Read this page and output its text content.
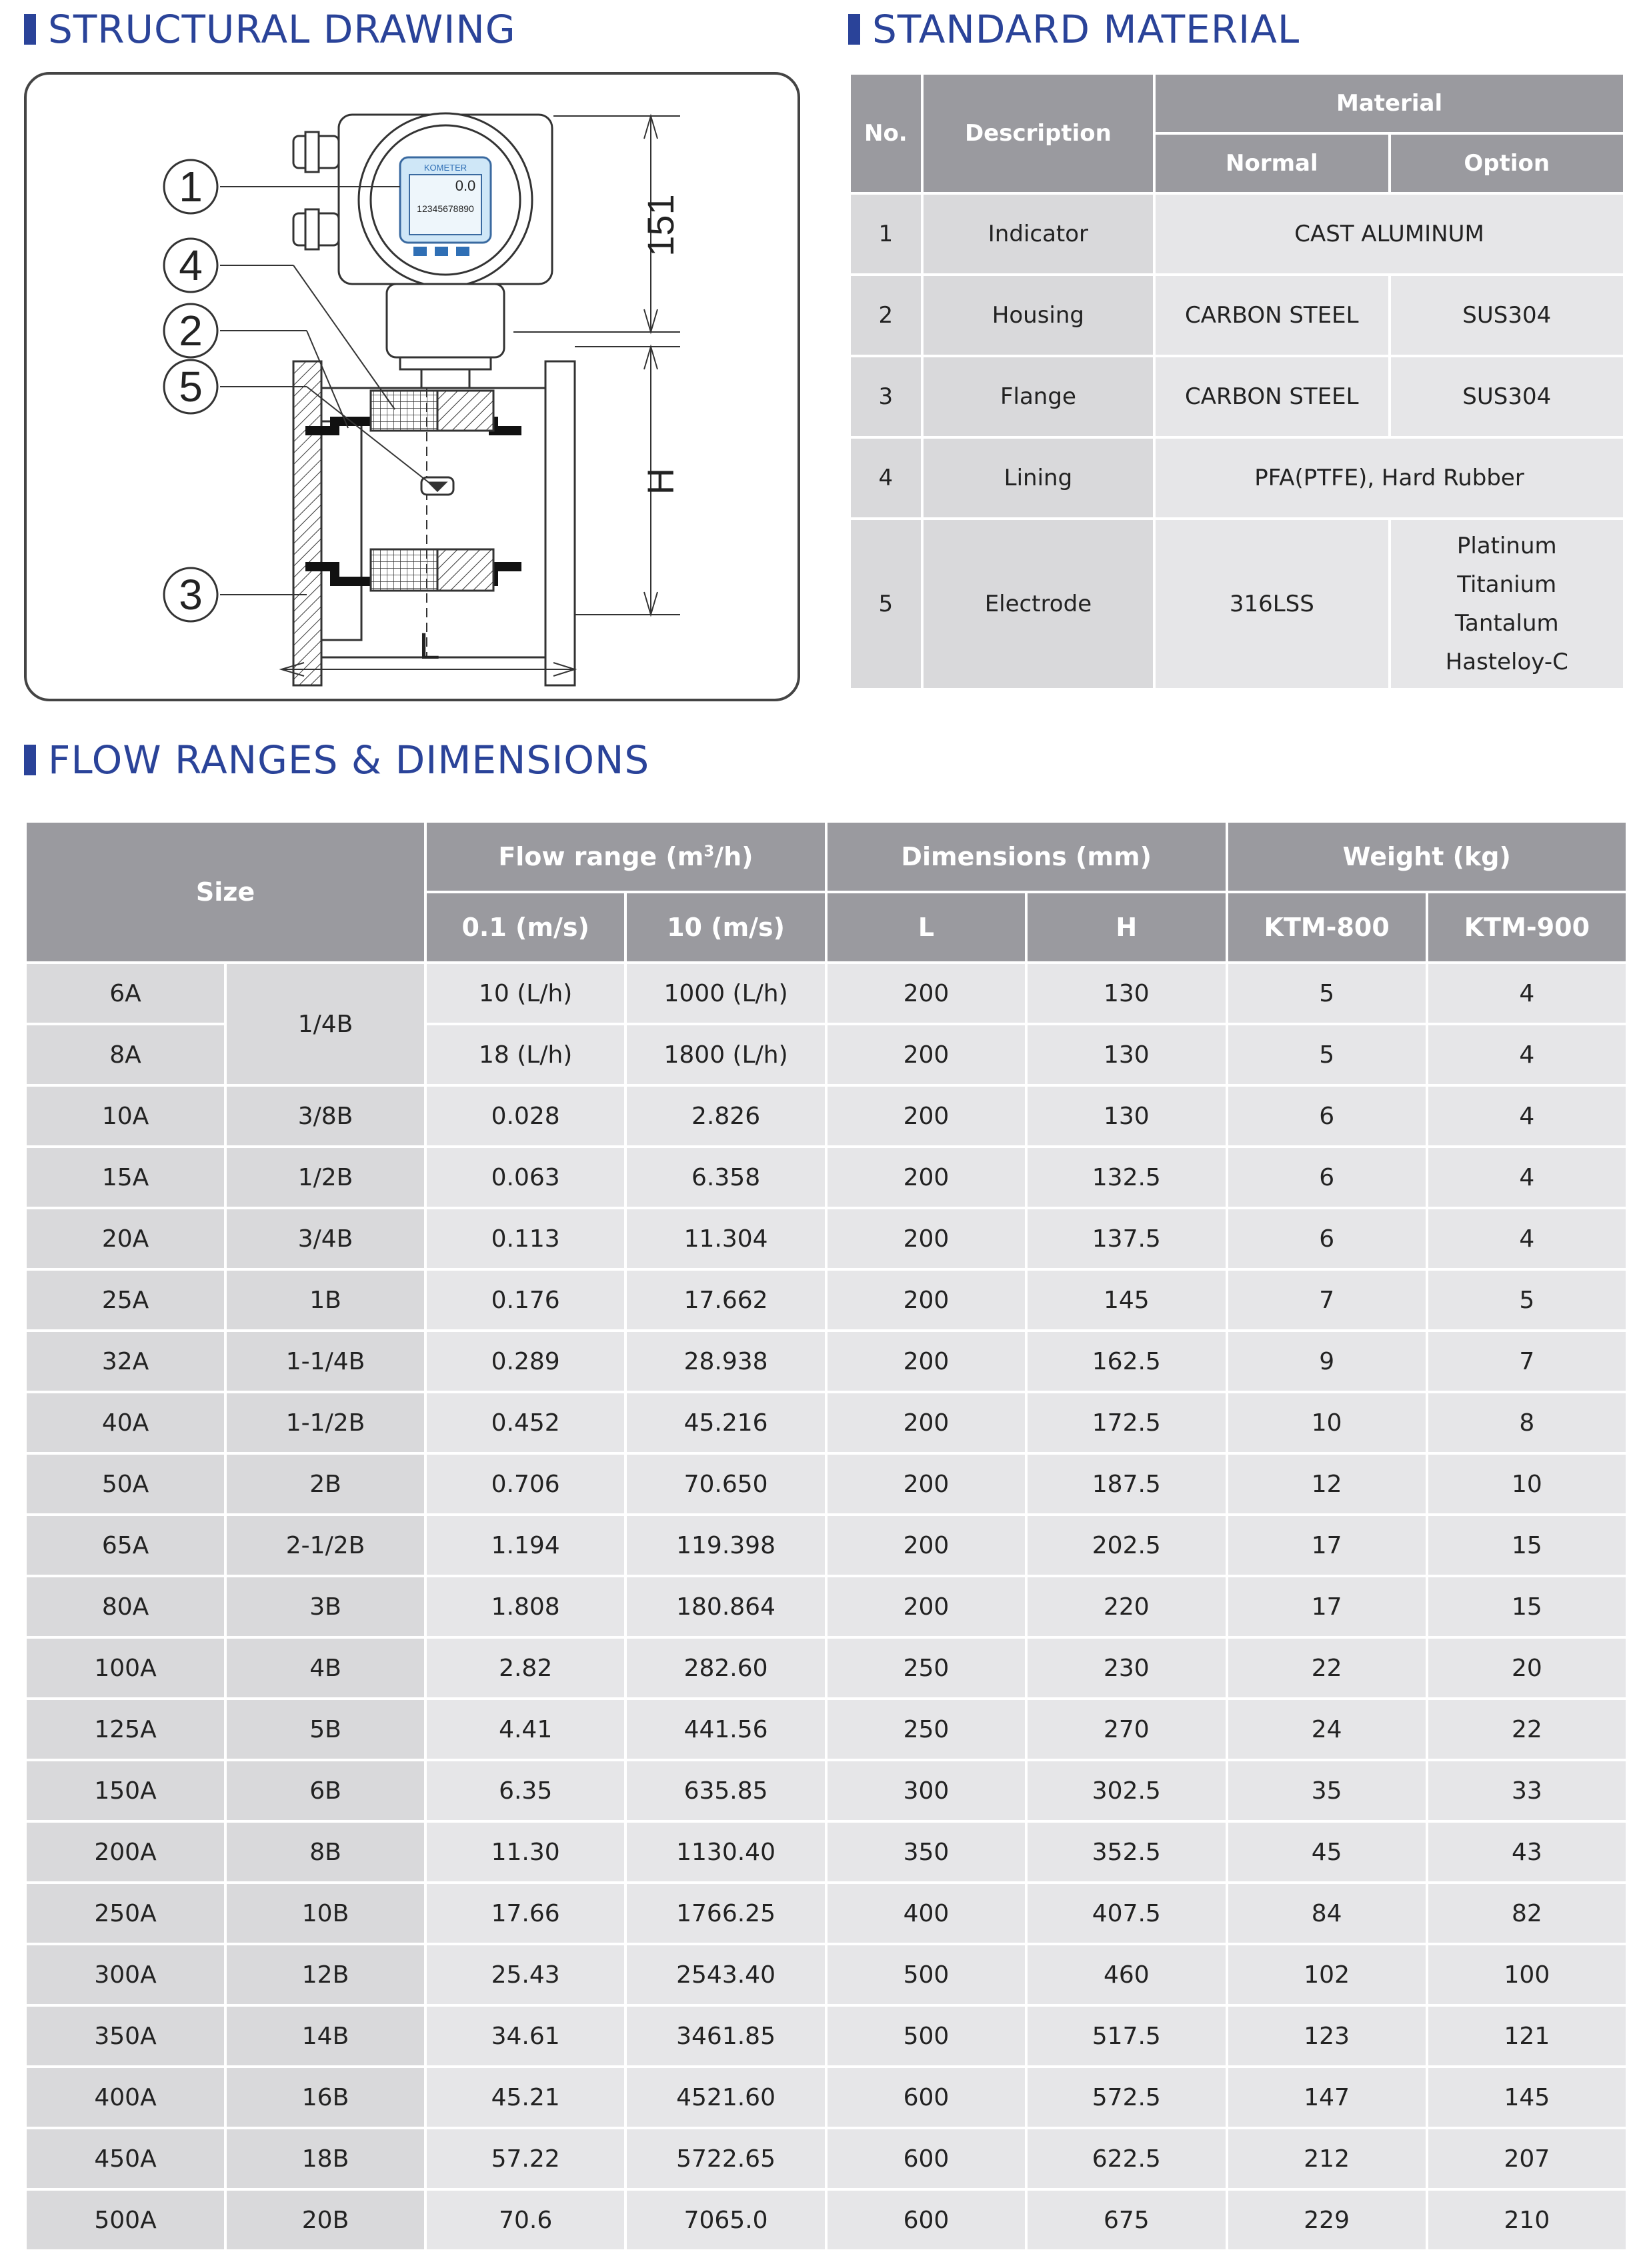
STRUCTURAL DRAWING	STANDARD MATERIAL
FLOW RANGES & DIMENSIONS
1
4
2
5
3
151
H
L
KOMETER
0.0
12345678890
No.	Description	Material	
		Normal	Option
1	Indicator	CAST ALUMINUM	
2	Housing	CARBON STEEL	SUS304
3	Flange	CARBON STEEL	SUS304
4	Lining	PFA(PTFE), Hard Rubber	
5	Electrode	316LSS	Platinum
Titanium
Tantalum
Hasteloy-C
Size		Flow range $(m^3/h)$		Dimensions (mm)		Weight (kg)	
		0.1 (m/s)	10 (m/s)	L	H	KTM-800	KTM-900
6A	1/4B	10 (L/h)	1000 (L/h)	200	130	5	4
8A		18 (L/h)	1800 (L/h)	200	130	5	4
10A	3/8B	0.028	2.826	200	130	6	4
15A	1/2B	0.063	6.358	200	132.5	6	4
20A	3/4B	0.113	11.304	200	137.5	6	4
25A	1B	0.176	17.662	200	145	7	5
32A	1-1/4B	0.289	28.938	200	162.5	9	7
40A	1-1/2B	0.452	45.216	200	172.5	10	8
50A	2B	0.706	70.650	200	187.5	12	10
65A	2-1/2B	1.194	119.398	200	202.5	17	15
80A	3B	1.808	180.864	200	220	17	15
100A	4B	2.82	282.60	250	230	22	20
125A	5B	4.41	441.56	250	270	24	22
150A	6B	6.35	635.85	300	302.5	35	33
200A	8B	11.30	1130.40	350	352.5	45	43
250A	10B	17.66	1766.25	400	407.5	84	82
300A	12B	25.43	2543.40	500	460	102	100
350A	14B	34.61	3461.85	500	517.5	123	121
400A	16B	45.21	4521.60	600	572.5	147	145
450A	18B	57.22	5722.65	600	622.5	212	207
500A	20B	70.6	7065.0	600	675	229	210
